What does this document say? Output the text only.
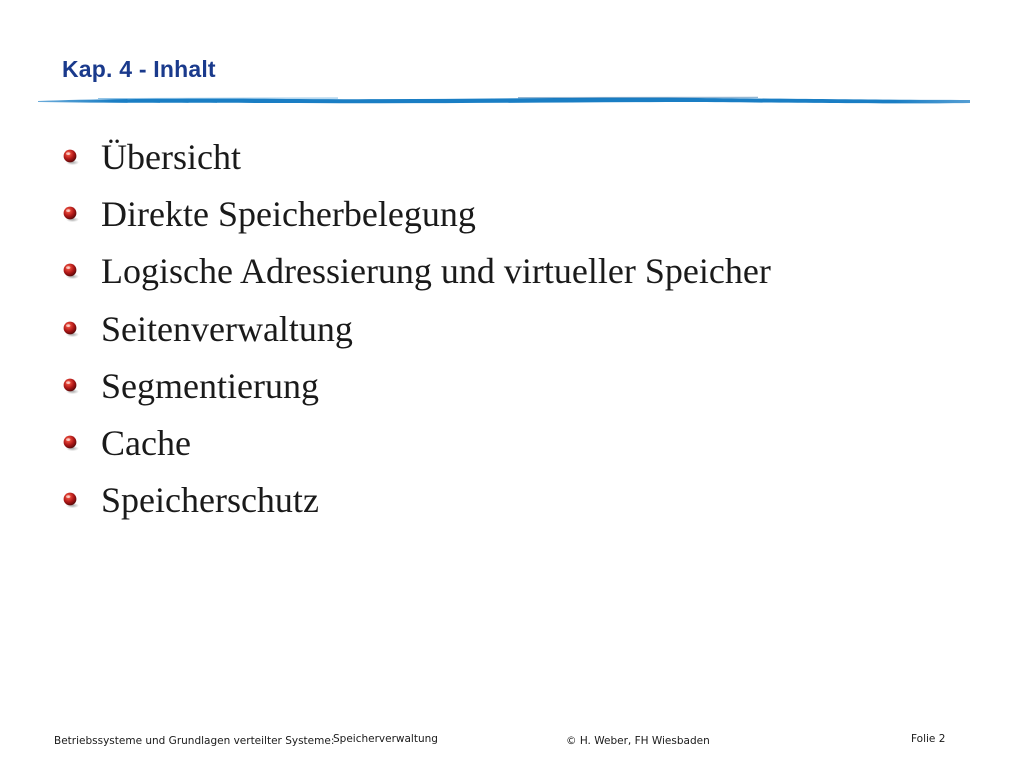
Kap. 4 - Inhalt
Übersicht
Direkte Speicherbelegung
Logische Adressierung und virtueller Speicher
Seitenverwaltung
Segmentierung
Cache
Speicherschutz
Betriebssysteme und Grundlagen verteilter Systeme:
Speicherverwaltung	© H. Weber, FH Wiesbaden	Folie 2
